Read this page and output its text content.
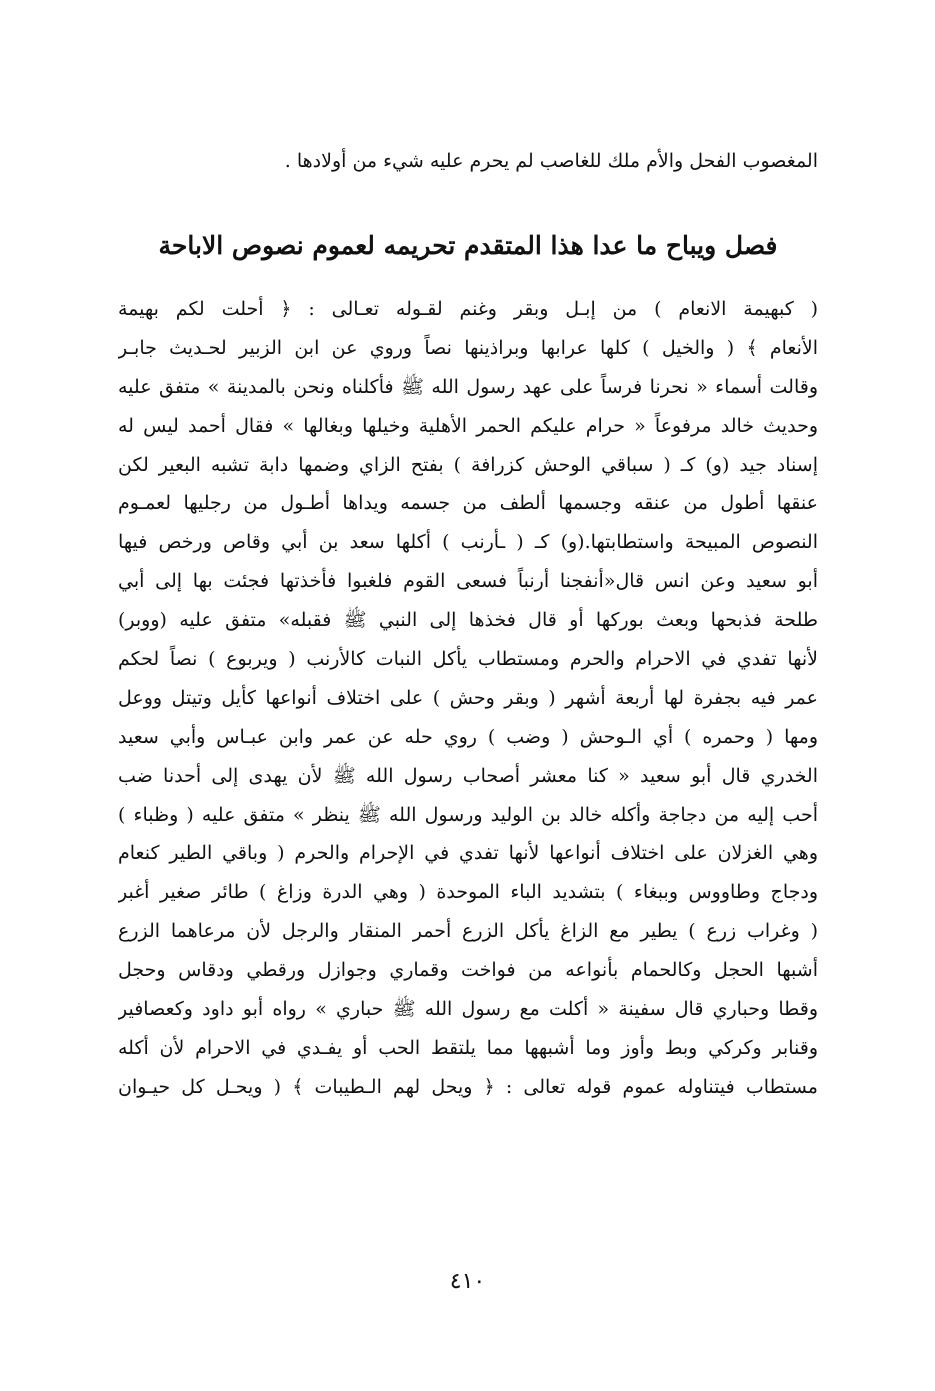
المغصوب الفحل والأم ملك للغاصب لم يحرم عليه شيء من أولادها .
فصل ويباح ما عدا هذا المتقدم تحريمه لعموم نصوص الاباحة
( كبهيمة الانعام ) من إبـل وبقر وغنم لقـوله تعـالى : ﴿ أحلت لكم بهيمة
الأنعام ﴾ ( والخيل ) كلها عرابها وبراذينها نصاً وروي عن ابن الزبير لحـديث جابـر
وقالت أسماء « نحرنا فرساً على عهد رسول الله ﷺ فأكلناه ونحن بالمدينة » متفق عليه
وحديث خالد مرفوعاً « حرام عليكم الحمر الأهلية وخيلها وبغالها » فقال أحمد ليس له
إسناد جيد (و) كـ ( سباقي الوحش كزرافة ) بفتح الزاي وضمها دابة تشبه البعير لكن
عنقها أطول من عنقه وجسمها ألطف من جسمه ويداها أطـول من رجليها لعمـوم
النصوص المبيحة واستطابتها.(و) كـ ( ـأرنب ) أكلها سعد بن أبي وقاص ورخص فيها
أبو سعيد وعن انس قال«أنفجنا أرنباً فسعى القوم فلغبوا فأخذتها فجئت بها إلى أبي
طلحة فذبحها وبعث بوركها أو قال فخذها إلى النبي ﷺ فقبله» متفق عليه (ووبر)
لأنها تفدي في الاحرام والحرم ومستطاب يأكل النبات كالأرنب ( ويربوع ) نصاً لحكم
عمر فيه بجفرة لها أربعة أشهر ( وبقر وحش ) على اختلاف أنواعها كأيل وتيتل ووعل
ومها ( وحمره ) أي الـوحش ( وضب ) روي حله عن عمر وابن عبـاس وأبي سعيد
الخدري قال أبو سعيد « كنا معشر أصحاب رسول الله ﷺ لأن يهدى إلى أحدنا ضب
أحب إليه من دجاجة وأكله خالد بن الوليد ورسول الله ﷺ ينظر » متفق عليه ( وظباء )
وهي الغزلان على اختلاف أنواعها لأنها تفدي في الإحرام والحرم ( وباقي الطير كنعام
ودجاج وطاووس وببغاء ) بتشديد الباء الموحدة ( وهي الدرة وزاغ ) طائر صغير أغبر
( وغراب زرع ) يطير مع الزاغ يأكل الزرع أحمر المنقار والرجل لأن مرعاهما الزرع
أشبها الحجل وكالحمام بأنواعه من فواخت وقماري وجوازل ورقطي ودقاس وحجل
وقطا وحباري قال سفينة « أكلت مع رسول الله ﷺ حباري » رواه أبو داود وكعصافير
وقنابر وكركي وبط وأوز وما أشبهها مما يلتقط الحب أو يفـدي في الاحرام لأن أكله
مستطاب فيتناوله عموم قوله تعالى : ﴿ ويحل لهم الـطيبات ﴾ ( ويحـل كل حيـوان
٤١٠
